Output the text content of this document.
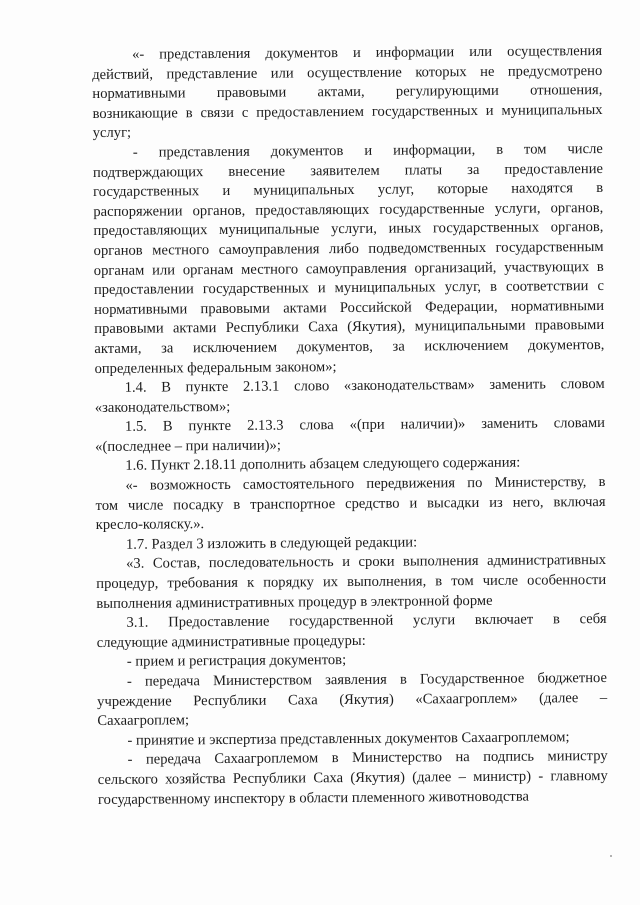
«- представления документов и информации или осуществления
действий, представление или осуществление которых не предусмотрено
нормативными правовыми актами, регулирующими отношения,
возникающие в связи с предоставлением государственных и муниципальных
услуг;
- представления документов и информации, в том числе
подтверждающих внесение заявителем платы за предоставление
государственных и муниципальных услуг, которые находятся в
распоряжении органов, предоставляющих государственные услуги, органов,
предоставляющих муниципальные услуги, иных государственных органов,
органов местного самоуправления либо подведомственных государственным
органам или органам местного самоуправления организаций, участвующих в
предоставлении государственных и муниципальных услуг, в соответствии с
нормативными правовыми актами Российской Федерации, нормативными
правовыми актами Республики Саха (Якутия), муниципальными правовыми
актами, за исключением документов, за исключением документов,
определенных федеральным законом»;
1.4. В пункте 2.13.1 слово «законодательствам» заменить словом
«законодательством»;
1.5. В пункте 2.13.3 слова «(при наличии)» заменить словами
«(последнее – при наличии)»;
1.6. Пункт 2.18.11 дополнить абзацем следующего содержания:
«- возможность самостоятельного передвижения по Министерству, в
том числе посадку в транспортное средство и высадки из него, включая
кресло-коляску.».
1.7. Раздел 3 изложить в следующей редакции:
«3. Состав, последовательность и сроки выполнения административных
процедур, требования к порядку их выполнения, в том числе особенности
выполнения административных процедур в электронной форме
3.1. Предоставление государственной услуги включает в себя
следующие административные процедуры:
- прием и регистрация документов;
- передача Министерством заявления в Государственное бюджетное
учреждение Республики Саха (Якутия) «Сахаагроплем» (далее –
Сахаагроплем;
- принятие и экспертиза представленных документов Сахаагроплемом;
- передача Сахаагроплемом в Министерство на подпись министру
сельского хозяйства Республики Саха (Якутия) (далее – министр) - главному
государственному инспектору в области племенного животноводства
